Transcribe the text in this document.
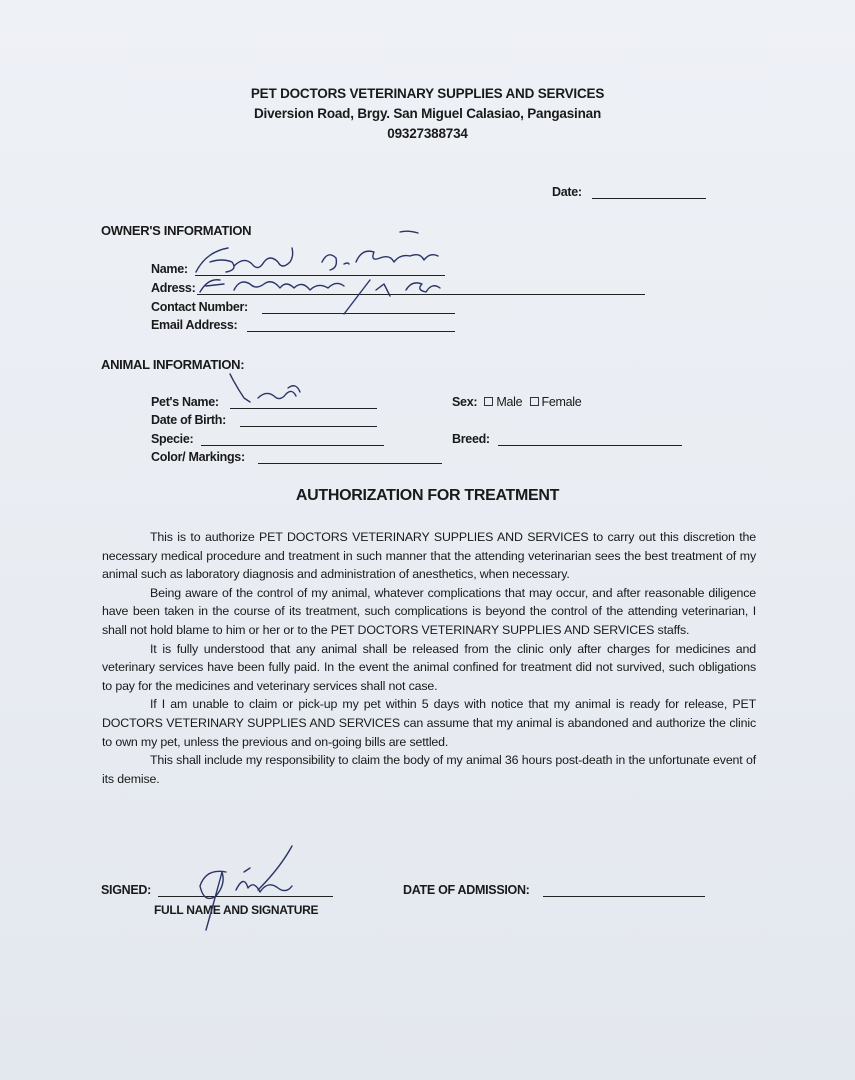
PET DOCTORS VETERINARY SUPPLIES AND SERVICES
Diversion Road, Brgy. San Miguel Calasiao, Pangasinan
09327388734
Date:
OWNER'S INFORMATION
Name:
Adress:
Contact Number:
Email Address:
ANIMAL INFORMATION:
Pet's Name:
Date of Birth:
Specie:
Color/ Markings:
Sex: Male Female
Breed:
AUTHORIZATION FOR TREATMENT

This is to authorize PET DOCTORS VETERINARY SUPPLIES AND SERVICES to carry out this discretion the necessary medical procedure and treatment in such manner that the attending veterinarian sees the best treatment of my animal such as laboratory diagnosis and administration of anesthetics, when necessary.

Being aware of the control of my animal, whatever complications that may occur, and after reasonable diligence have been taken in the course of its treatment, such complications is beyond the control of the attending veterinarian, I shall not hold blame to him or her or to the PET DOCTORS VETERINARY SUPPLIES AND SERVICES staffs.

It is fully understood that any animal shall be released from the clinic only after charges for medicines and veterinary services have been fully paid. In the event the animal confined for treatment did not survived, such obligations to pay for the medicines and veterinary services shall not case.

If I am unable to claim or pick-up my pet within 5 days with notice that my animal is ready for release, PET DOCTORS VETERINARY SUPPLIES AND SERVICES can assume that my animal is abandoned and authorize the clinic to own my pet, unless the previous and on-going bills are settled.

This shall include my responsibility to claim the body of my animal 36 hours post-death in the unfortunate event of its demise.

SIGNED:
FULL NAME AND SIGNATURE
DATE OF ADMISSION:
